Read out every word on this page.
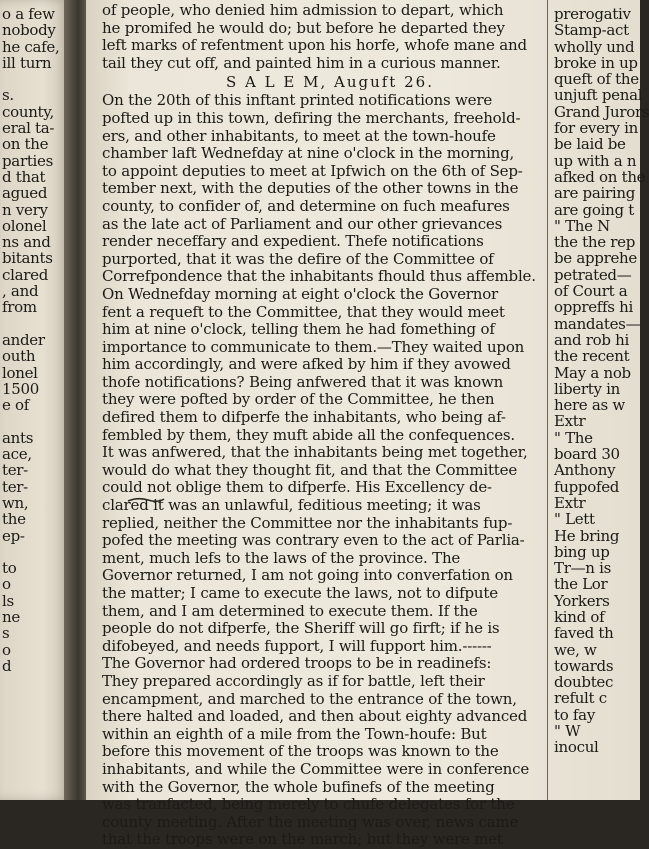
o a few
nobody
he cafe,
ill turn

s.
county,
eral ta-
on the
parties
d that
agued
n very
olonel
ns and
bitants
clared
, and
from

ander
outh
lonel
1500
e of

ants
ace,
ter-
ter-
wn,
the
ep-

to
o
ls
ne
s
o
d
of people, who denied him admission to depart, which
he promifed he would do; but before he departed they
left marks of refentment upon his horfe, whofe mane and
tail they cut off, and painted him in a curious manner.
S A L E M, Auguft 26.
On the 20th of this inftant printed notifications were
pofted up in this town, defiring the merchants, freehold-
ers, and other inhabitants, to meet at the town-houfe
chamber laft Wednefday at nine o'clock in the morning,
to appoint deputies to meet at Ipfwich on the 6th of Sep-
tember next, with the deputies of the other towns in the
county, to confider of, and determine on fuch meafures
as the late act of Parliament and our other grievances
render neceffary and expedient. Thefe notifications
purported, that it was the defire of the Committee of
Correfpondence that the inhabitants fhould thus affemble.
On Wednefday morning at eight o'clock the Governor
fent a requeft to the Committee, that they would meet
him at nine o'clock, telling them he had fomething of
importance to communicate to them.—They waited upon
him accordingly, and were afked by him if they avowed
thofe notifications? Being anfwered that it was known
they were pofted by order of the Committee, he then
defired them to difperfe the inhabitants, who being af-
fembled by them, they muft abide all the confequences.
It was anfwered, that the inhabitants being met together,
would do what they thought fit, and that the Committee
could not oblige them to difperfe. His Excellency de-
clared it was an unlawful, feditious meeting; it was
replied, neither the Committee nor the inhabitants fup-
pofed the meeting was contrary even to the act of Parlia-
ment, much lefs to the laws of the province. The
Governor returned, I am not going into converfation on
the matter; I came to execute the laws, not to difpute
them, and I am determined to execute them. If the
people do not difperfe, the Sheriff will go firft; if he is
difobeyed, and needs fupport, I will fupport him.------
The Governor had ordered troops to be in readinefs:
They prepared accordingly as if for battle, left their
encampment, and marched to the entrance of the town,
there halted and loaded, and then about eighty advanced
within an eighth of a mile from the Town-houfe: But
before this movement of the troops was known to the
inhabitants, and while the Committee were in conference
with the Governor, the whole bufinefs of the meeting
was tranfacted, being merely to chufe delegates for the
county meeting. After the meeting was over, news came
that the troops were on the march; but they were met
prerogativ
Stamp-act
wholly und
broke in up
queft of the
unjuft penal
Grand Jurors
for every in
be laid be
up with a n
afked on the
are pairing
are going t
" The N
the the rep
be apprehe
petrated—
of Court a
oppreffs hi
mandates—
and rob hi
the recent
May a nob
liberty in
here as w
Extr
" The
board 30
Anthony
fuppofed
Extr
" Lett
He bring
bing up
Tr—n is
the Lor
Yorkers
kind of
faved th
we, w
towards
doubtec
refult c
to fay
" W
inocul
